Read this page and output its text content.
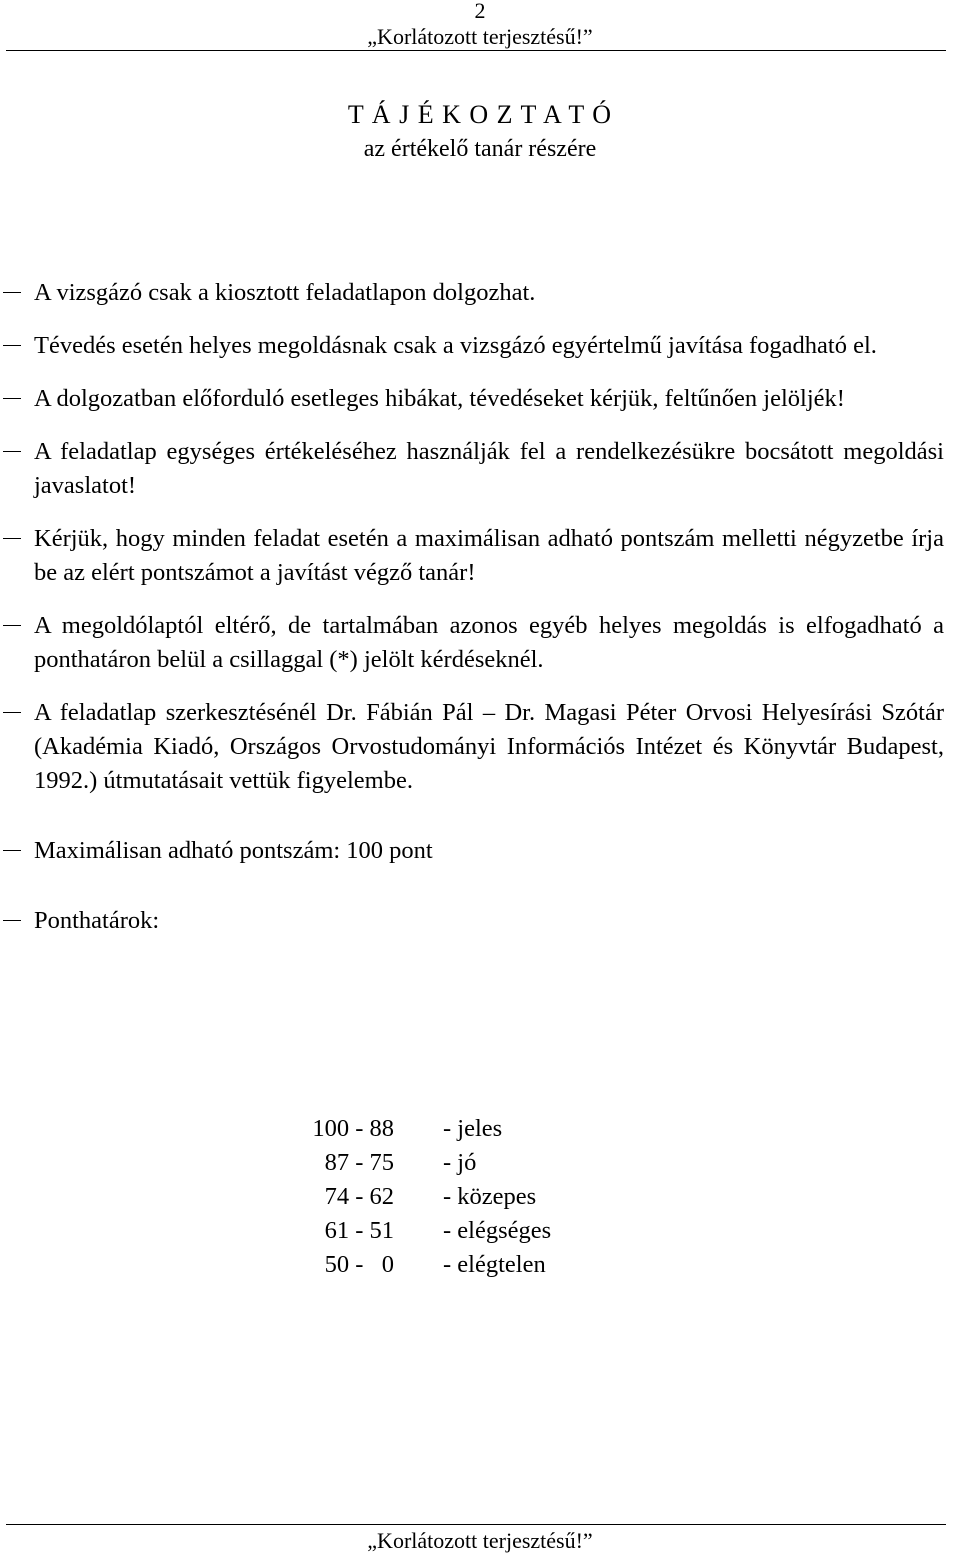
2
„Korlátozott terjesztésű!”
T Á J É K O Z T A T Ó
az értékelő tanár részére
A vizsgázó csak a kiosztott feladatlapon dolgozhat.
Tévedés esetén helyes megoldásnak csak a vizsgázó egyértelmű javítása fogadható el.
A dolgozatban előforduló esetleges hibákat, tévedéseket kérjük, feltűnően jelöljék!
A feladatlap egységes értékeléséhez használják fel a rendelkezésükre bocsátott megoldási javaslatot!
Kérjük, hogy minden feladat esetén a maximálisan adható pontszám melletti négyzetbe írja be az elért pontszámot a javítást végző tanár!
A megoldólaptól eltérő, de tartalmában azonos egyéb helyes megoldás is elfogadható a ponthatáron belül a csillaggal (*) jelölt kérdéseknél.
A feladatlap szerkesztésénél Dr. Fábián Pál – Dr. Magasi Péter Orvosi Helyesírási Szótár (Akadémia Kiadó, Országos Orvostudományi Információs Intézet és Könyvtár Budapest, 1992.) útmutatásait vettük figyelembe.
Maximálisan adható pontszám: 100 pont
Ponthatárok:
100 - 88	- jeles
87 - 75	- jó
74 - 62	- közepes
61 - 51	- elégséges
50 -   0	- elégtelen
„Korlátozott terjesztésű!”
